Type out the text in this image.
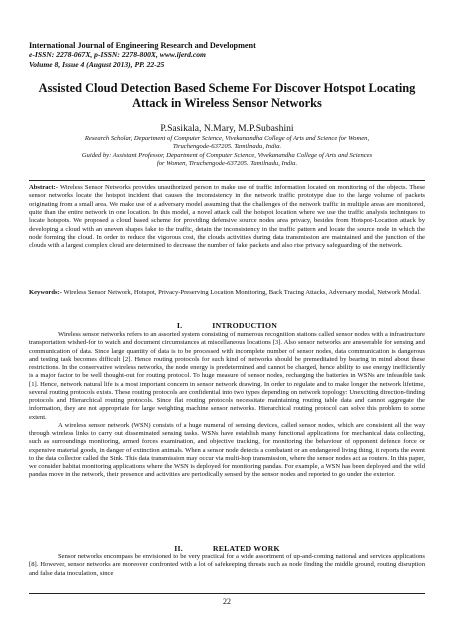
International Journal of Engineering Research and Development
e-ISSN: 2278-067X, p-ISSN: 2278-800X, www.ijerd.com
Volume 8, Issue 4 (August 2013), PP. 22-25
Assisted Cloud Detection Based Scheme For Discover Hotspot Locating Attack in Wireless Sensor Networks
P.Sasikala, N.Mary, M.P.Subashini
Research Scholar, Department of Computer Science, Vivekanandha College of Arts and Science for Women,
Tiruchengode-637205. Tamilnadu, India.
Guided by: Assistant Professor, Department of Computer Science, Vivekanandha College of Arts and Sciences
for Women, Tiruchengode-637205. Tamilnadu, India.
Abstract:- Wireless Sensor Networks provides unauthorized person to make use of traffic information located on monitoring of the objects. These sensor networks locate the hotspot incident that causes the inconsistency in the network traffic prototype due to the large volume of packets originating from a small area. We make use of a adversary model assuming that the challenges of the network traffic in multiple areas are monitored, quite than the entire network in one location. In this model, a novel attack call the hotspot location where we use the traffic analysis techniques to locate hotspots. We proposed a cloud based scheme for providing defensive source nodes area privacy, besides from Hotspot-Location attack by developing a cloud with an uneven shapes fake to the traffic, detain the inconsistency in the traffic pattern and locate the source node in which the node forming the cloud. In order to reduce the vigorous cost, the clouds activities during data transmission are maintained and the junction of the clouds with a largest complex cloud are determined to decrease the number of fake packets and also rise privacy safeguarding of the network.
Keywords:- Wireless Sensor Network, Hotspot, Privacy-Preserving Location Monitoring, Back Tracing Attacks, Adversary modal, Network Modal.
I.	INTRODUCTION

Wireless sensor networks refers to an assorted system consisting of numerous recognition stations called sensor nodes with a infrastructure transportation wished-for to watch and document circumstances at miscellaneous locations [3]. Also sensor networks are answerable for sensing and communication of data. Since large quantity of data is to be processed with incomplete number of sensor nodes, data communication is dangerous and testing task becomes difficult [2]. Hence routing protocols for such kind of networks should be premeditated by bearing in mind about these restrictions. In the conservative wireless networks, the node energy is predetermined and cannot be charged, hence ability to use energy inefficiently is a major factor to be well thought-out for routing protocol. To huge measure of sensor nodes, recharging the batteries in WSNs are infeasible task [1]. Hence, network natural life is a most important concern in sensor network drawing. In order to regulate and to make longer the network lifetime, several routing protocols exists. These routing protocols are confidential into two types depending on network topology: Unexciting direction-finding protocols and Hierarchical routing protocols. Since flat routing protocols necessitate maintaining routing table data and cannot aggregate the information, they are not appropriate for large weighting machine sensor networks. Hierarchical routing protocol can solve this problem to some extent.

A wireless sensor network (WSN) consists of a huge numeral of sensing devices, called sensor nodes, which are consistent all the way through wireless links to carry out disseminated sensing tasks. WSNs have establish many functional applications for mechanical data collecting, such as surroundings monitoring, armed forces examination, and objective tracking, for monitoring the behaviour of opponent defence force or expensive material goods, in danger of extinction animals. When a sensor node detects a combatant or an endangered living thing, it reports the event to the data collector called the Sink. This data transmission may occur via multi-hop transmission, where the sensor nodes act as routers. In this paper, we consider habitat monitoring applications where the WSN is deployed for monitoring pandas. For example, a WSN has been deployed and the wild pandas move in the network, their presence and activities are periodically sensed by the sensor nodes and reported to go under the exterior.

II.	RELATED WORK

Sensor networks encompass be envisioned to be very practical for a wide assortment of up-and-coming national and services applications [8]. However, sensor networks are moreover confronted with a lot of safekeeping threats such as node finding the middle ground, routing disruption and false data inoculation, since

22
